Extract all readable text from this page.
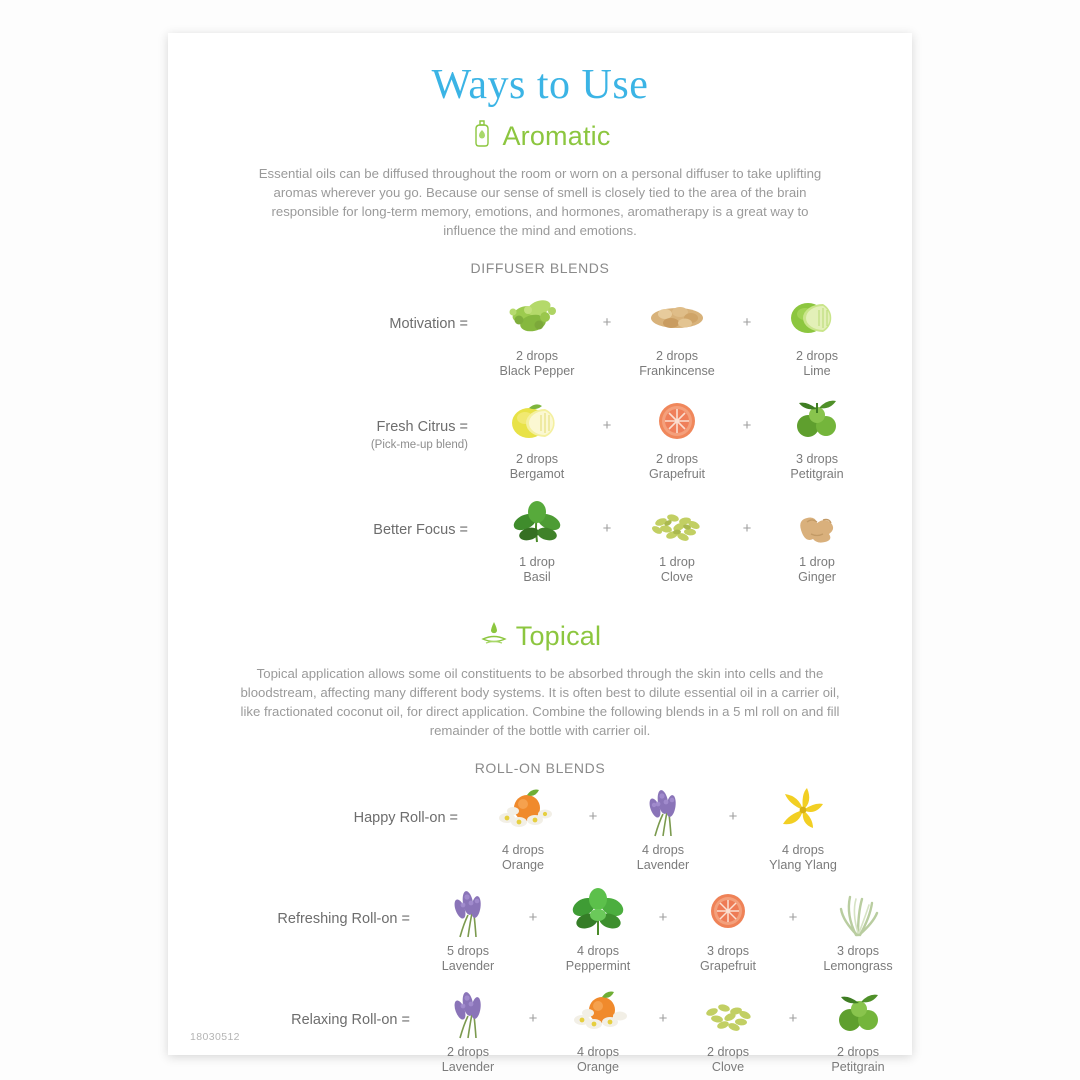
Ways to Use
Aromatic
Essential oils can be diffused throughout the room or worn on a personal diffuser to take uplifting aromas wherever you go. Because our sense of smell is closely tied to the area of the brain responsible for long-term memory, emotions, and hormones, aromatherapy is a great way to influence the mind and emotions.
DIFFUSER BLENDS
Motivation =
2 drops
Black Pepper
+
2 drops
Frankincense
+
2 drops
Lime
Fresh Citrus =
(Pick-me-up blend)
2 drops
Bergamot
+
2 drops
Grapefruit
+
3 drops
Petitgrain
Better Focus =
1 drop
Basil
+
1 drop
Clove
+
1 drop
Ginger
Topical
Topical application allows some oil constituents to be absorbed through the skin into cells and the bloodstream, affecting many different body systems. It is often best to dilute essential oil in a carrier oil, like fractionated coconut oil, for direct application. Combine the following blends in a 5 ml roll on and fill remainder of the bottle with carrier oil.
ROLL-ON BLENDS
Happy Roll-on =
4 drops
Orange
+
4 drops
Lavender
+
4 drops
Ylang Ylang
Refreshing Roll-on =
5 drops
Lavender
+
4 drops
Peppermint
+
3 drops
Grapefruit
+
3 drops
Lemongrass
Relaxing Roll-on =
2 drops
Lavender
+
4 drops
Orange
+
2 drops
Clove
+
2 drops
Petitgrain
18030512
